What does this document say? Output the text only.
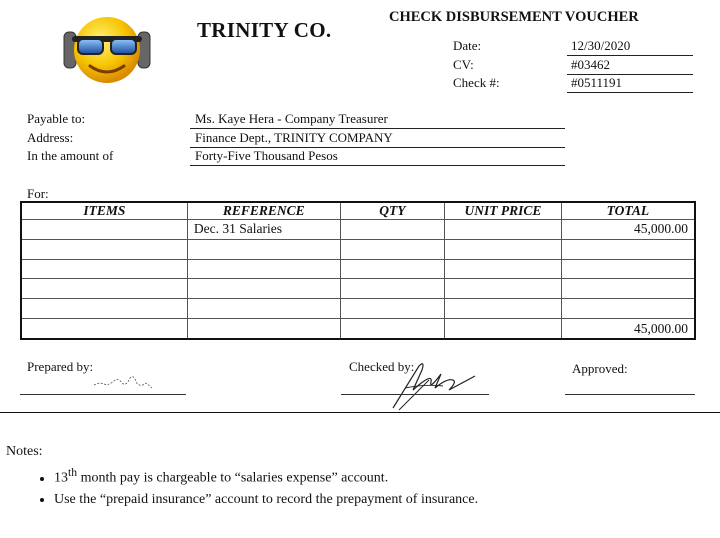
TRINITY CO.
CHECK DISBURSEMENT VOUCHER
Date:	12/30/2020
CV:	#03462
Check #:	#0511191
Payable to:	Ms. Kaye Hera - Company Treasurer
Address:	Finance Dept., TRINITY COMPANY
In the amount of	Forty-Five Thousand Pesos
For:
ITEMS	REFERENCE	QTY	UNIT PRICE	TOTAL
	Dec. 31 Salaries			45,000.00

				45,000.00
Prepared by:	Checked by:	Approved:
Notes:
• 13th month pay is chargeable to “salaries expense” account.
• Use the “prepaid insurance” account to record the prepayment of insurance.
